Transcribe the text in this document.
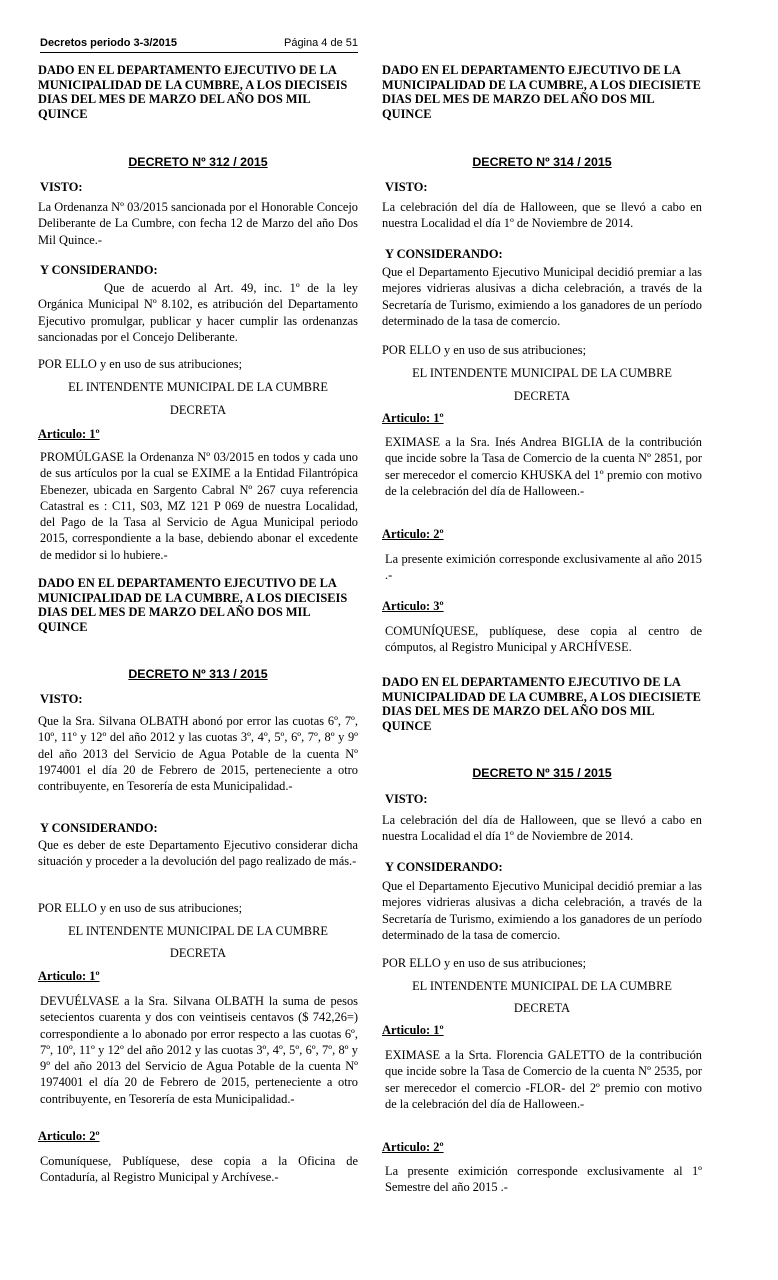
Decretos periodo 3-3/2015	Página 4 de 51

DADO EN EL DEPARTAMENTO EJECUTIVO DE LA MUNICIPALIDAD DE LA CUMBRE, A LOS DIECISEIS DIAS DEL MES DE MARZO DEL AÑO DOS MIL QUINCE

DECRETO Nº 312 / 2015

VISTO:

La Ordenanza Nº 03/2015 sancionada por el Honorable Concejo Deliberante de La Cumbre, con fecha 12 de Marzo del año Dos Mil Quince.-

Y CONSIDERANDO:

Que de acuerdo al Art. 49, inc. 1º de la ley Orgánica Municipal Nº 8.102, es atribución del Departamento Ejecutivo promulgar, publicar y hacer cumplir las ordenanzas sancionadas por el Concejo Deliberante.

POR ELLO y en uso de sus atribuciones;

EL INTENDENTE MUNICIPAL DE LA CUMBRE

DECRETA

Articulo: 1º

PROMÚLGASE la Ordenanza Nº 03/2015 en todos y cada uno de sus artículos por la cual se EXIME a la Entidad Filantrópica Ebenezer, ubicada en Sargento Cabral Nº 267 cuya referencia Catastral es : C11, S03, MZ 121 P 069 de nuestra Localidad, del Pago de la Tasa al Servicio de Agua Municipal periodo 2015, correspondiente a la base, debiendo abonar el excedente de medidor si lo hubiere.-

DADO EN EL DEPARTAMENTO EJECUTIVO DE LA MUNICIPALIDAD DE LA CUMBRE, A LOS DIECISEIS DIAS DEL MES DE MARZO DEL AÑO DOS MIL QUINCE

DECRETO Nº 313 / 2015

VISTO:

Que la Sra. Silvana OLBATH abonó por error las cuotas 6º, 7º, 10º, 11º y 12º del año 2012 y las cuotas 3º, 4º, 5º, 6º, 7º, 8º y 9º del año 2013 del Servicio de Agua Potable de la cuenta Nº 1974001 el día 20 de Febrero de 2015, perteneciente a otro contribuyente, en Tesorería de esta Municipalidad.-

Y CONSIDERANDO:

Que es deber de este Departamento Ejecutivo considerar dicha situación y proceder a la devolución del pago realizado de más.-

POR ELLO y en uso de sus atribuciones;

EL INTENDENTE MUNICIPAL DE LA CUMBRE

DECRETA

Articulo: 1º

DEVUÉLVASE a la Sra. Silvana OLBATH la suma de pesos setecientos cuarenta y dos con veintiseis centavos ($ 742,26=) correspondiente a lo abonado por error respecto a las cuotas 6º, 7º, 10º, 11º y 12º del año 2012 y las cuotas 3º, 4º, 5º, 6º, 7º, 8º y 9º del año 2013 del Servicio de Agua Potable de la cuenta Nº 1974001 el día 20 de Febrero de 2015, perteneciente a otro contribuyente, en Tesorería de esta Municipalidad.-

Articulo: 2º

Comuníquese, Publíquese, dese copia a la Oficina de Contaduría, al Registro Municipal y Archívese.-

DADO EN EL DEPARTAMENTO EJECUTIVO DE LA MUNICIPALIDAD DE LA CUMBRE, A LOS DIECISIETE DIAS DEL MES DE MARZO DEL AÑO DOS MIL QUINCE

DECRETO Nº 314 / 2015

VISTO:

La celebración del día de Halloween, que se llevó a cabo en nuestra Localidad el día 1º de Noviembre de 2014.

Y CONSIDERANDO:

Que el Departamento Ejecutivo Municipal decidió premiar a las mejores vidrieras alusivas a dicha celebración, a través de la Secretaría de Turismo, eximiendo a los ganadores de un período determinado de la tasa de comercio.

POR ELLO y en uso de sus atribuciones;

EL INTENDENTE MUNICIPAL DE LA CUMBRE

DECRETA

Articulo: 1º

EXIMASE a la Sra. Inés Andrea BIGLIA de la contribución que incide sobre la Tasa de Comercio de la cuenta Nº 2851, por ser merecedor el comercio KHUSKA del 1º premio con motivo de la celebración del día de Halloween.-

Articulo: 2º

La presente eximición corresponde exclusivamente al año 2015 .-

Articulo: 3º

COMUNÍQUESE, publíquese, dese copia al centro de cómputos, al Registro Municipal y ARCHÍVESE.

DADO EN EL DEPARTAMENTO EJECUTIVO DE LA MUNICIPALIDAD DE LA CUMBRE, A LOS DIECISIETE DIAS DEL MES DE MARZO DEL AÑO DOS MIL QUINCE

DECRETO Nº 315 / 2015

VISTO:

La celebración del día de Halloween, que se llevó a cabo en nuestra Localidad el día 1º de Noviembre de 2014.

Y CONSIDERANDO:

Que el Departamento Ejecutivo Municipal decidió premiar a las mejores vidrieras alusivas a dicha celebración, a través de la Secretaría de Turismo, eximiendo a los ganadores de un período determinado de la tasa de comercio.

POR ELLO y en uso de sus atribuciones;

EL INTENDENTE MUNICIPAL DE LA CUMBRE

DECRETA

Articulo: 1º

EXIMASE a la Srta. Florencia GALETTO de la contribución que incide sobre la Tasa de Comercio de la cuenta Nº 2535, por ser merecedor el comercio -FLOR- del 2º premio con motivo de la celebración del día de Halloween.-

Articulo: 2º

La presente eximición corresponde exclusivamente al 1º Semestre del año 2015 .-
